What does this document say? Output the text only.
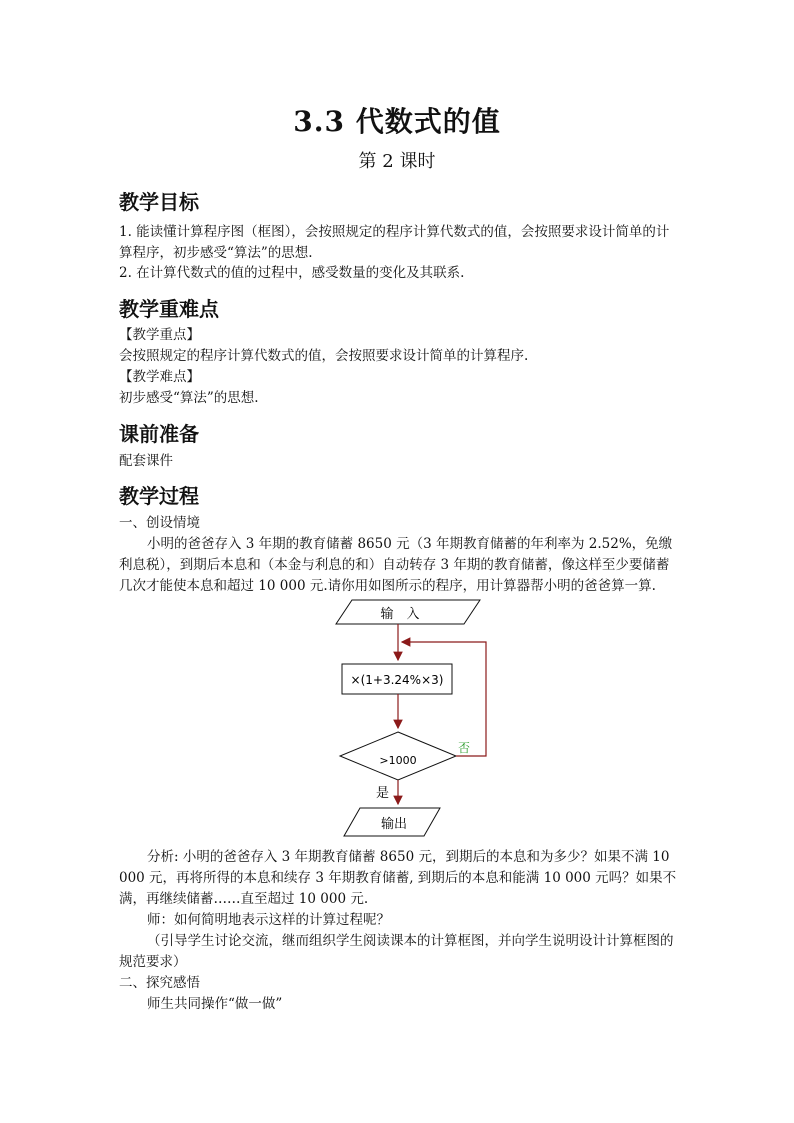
3.3 代数式的值
第 2 课时
教学目标
1. 能读懂计算程序图（框图），会按照规定的程序计算代数式的值，会按照要求设计简单的计算程序，初步感受“算法”的思想.
2. 在计算代数式的值的过程中，感受数量的变化及其联系.
教学重难点
【教学重点】
会按照规定的程序计算代数式的值，会按照要求设计简单的计算程序.
【教学难点】
初步感受“算法”的思想.
课前准备
配套课件
教学过程
一、创设情境
小明的爸爸存入 3 年期的教育储蓄 8650 元（3 年期教育储蓄的年利率为 2.52%，免缴利息税），到期后本息和（本金与利息的和）自动转存 3 年期的教育储蓄，像这样至少要储蓄几次才能使本息和超过 10 000 元.请你用如图所示的程序，用计算器帮小明的爸爸算一算.
输　入
×(1+3.24%×3)
>1000
否
是
输出
分析: 小明的爸爸存入 3 年期教育储蓄 8650 元，到期后的本息和为多少？如果不满 10 000 元，再将所得的本息和续存 3 年期教育储蓄, 到期后的本息和能满 10 000 元吗？如果不满，再继续储蓄……直至超过 10 000 元.
师：如何简明地表示这样的计算过程呢？
（引导学生讨论交流，继而组织学生阅读课本的计算框图，并向学生说明设计计算框图的规范要求）
二、探究感悟
师生共同操作“做一做”
